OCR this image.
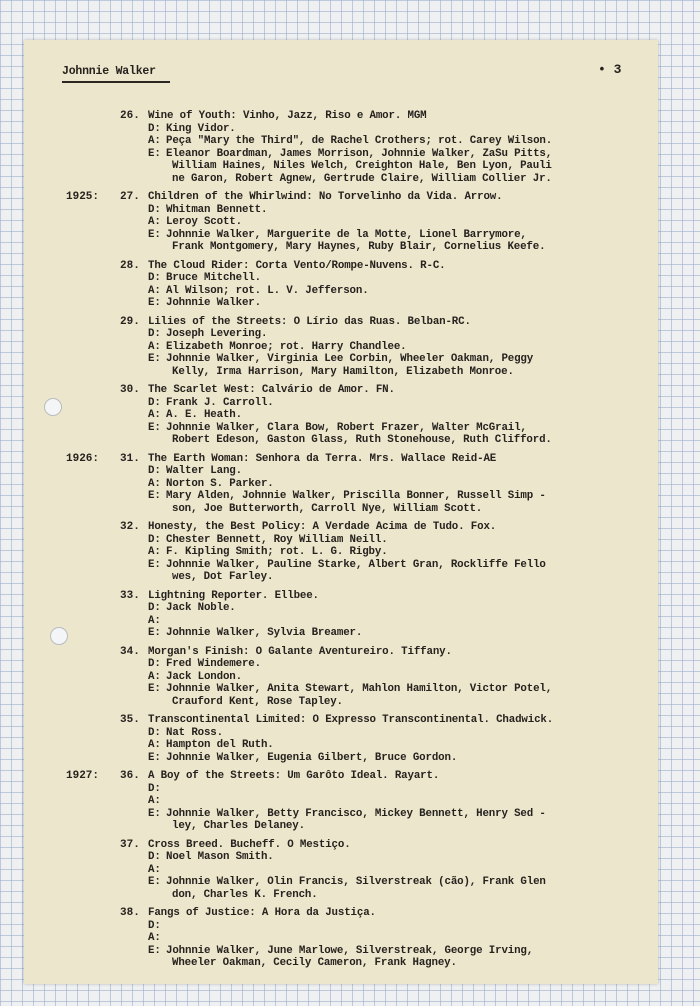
Johnnie Walker	• 3
26. Wine of Youth: Vinho, Jazz, Riso e Amor. MGM
D: King Vidor.
A: Peça "Mary the Third", de Rachel Crothers; rot. Carey Wilson.
E: Eleanor Boardman, James Morrison, Johnnie Walker, ZaSu Pitts,
William Haines, Niles Welch, Creighton Hale, Ben Lyon, Pauli
ne Garon, Robert Agnew, Gertrude Claire, William Collier Jr.
1925: 27. Children of the Whirlwind: No Torvelinho da Vida. Arrow.
D: Whitman Bennett.
A: Leroy Scott.
E: Johnnie Walker, Marguerite de la Motte, Lionel Barrymore,
Frank Montgomery, Mary Haynes, Ruby Blair, Cornelius Keefe.
28. The Cloud Rider: Corta Vento/Rompe-Nuvens. R-C.
D: Bruce Mitchell.
A: Al Wilson; rot. L. V. Jefferson.
E: Johnnie Walker.
29. Lilies of the Streets: O Lírio das Ruas. Belban-RC.
D: Joseph Levering.
A: Elizabeth Monroe; rot. Harry Chandlee.
E: Johnnie Walker, Virginia Lee Corbin, Wheeler Oakman, Peggy
Kelly, Irma Harrison, Mary Hamilton, Elizabeth Monroe.
30. The Scarlet West: Calvário de Amor. FN.
D: Frank J. Carroll.
A: A. E. Heath.
E: Johnnie Walker, Clara Bow, Robert Frazer, Walter McGrail,
Robert Edeson, Gaston Glass, Ruth Stonehouse, Ruth Clifford.
1926: 31. The Earth Woman: Senhora da Terra. Mrs. Wallace Reid-AE
D: Walter Lang.
A: Norton S. Parker.
E: Mary Alden, Johnnie Walker, Priscilla Bonner, Russell Simp -
son, Joe Butterworth, Carroll Nye, William Scott.
32. Honesty, the Best Policy: A Verdade Acima de Tudo. Fox.
D: Chester Bennett, Roy William Neill.
A: F. Kipling Smith; rot. L. G. Rigby.
E: Johnnie Walker, Pauline Starke, Albert Gran, Rockliffe Fello
wes, Dot Farley.
33. Lightning Reporter. Ellbee.
D: Jack Noble.
A:
E: Johnnie Walker, Sylvia Breamer.
34. Morgan's Finish: O Galante Aventureiro. Tiffany.
D: Fred Windemere.
A: Jack London.
E: Johnnie Walker, Anita Stewart, Mahlon Hamilton, Victor Potel,
Crauford Kent, Rose Tapley.
35. Transcontinental Limited: O Expresso Transcontinental. Chadwick.
D: Nat Ross.
A: Hampton del Ruth.
E: Johnnie Walker, Eugenia Gilbert, Bruce Gordon.
1927: 36. A Boy of the Streets: Um Garôto Ideal. Rayart.
D:
A:
E: Johnnie Walker, Betty Francisco, Mickey Bennett, Henry Sed -
ley, Charles Delaney.
37. Cross Breed. Bucheff. O Mestiço.
D: Noel Mason Smith.
A:
E: Johnnie Walker, Olin Francis, Silverstreak (cão), Frank Glen
don, Charles K. French.
38. Fangs of Justice: A Hora da Justiça.
D:
A:
E: Johnnie Walker, June Marlowe, Silverstreak, George Irving,
Wheeler Oakman, Cecily Cameron, Frank Hagney.
